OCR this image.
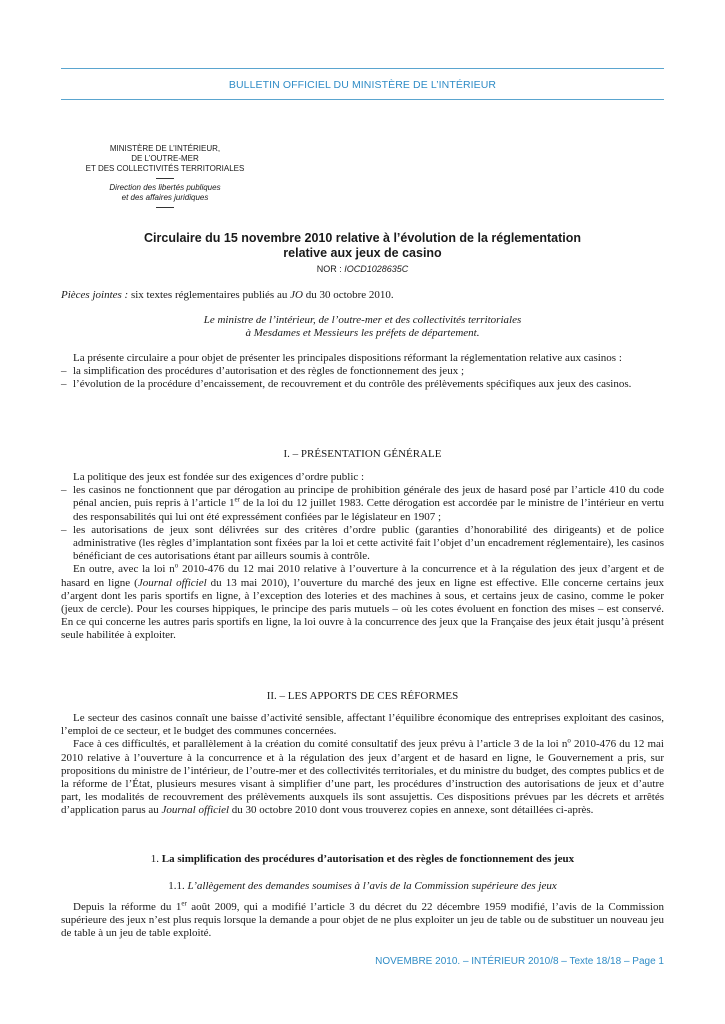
BULLETIN OFFICIEL DU MINISTÈRE DE L’INTÉRIEUR
MINISTÈRE DE L’INTÉRIEUR,
DE L’OUTRE-MER
ET DES COLLECTIVITÉS TERRITORIALES
Direction des libertés publiques
et des affaires juridiques
Circulaire du 15 novembre 2010 relative à l’évolution de la réglementation
relative aux jeux de casino
NOR : IOCD1028635C
Pièces jointes : six textes réglementaires publiés au JO du 30 octobre 2010.
Le ministre de l’intérieur, de l’outre-mer et des collectivités territoriales
à Mesdames et Messieurs les préfets de département.

La présente circulaire a pour objet de présenter les principales dispositions réformant la réglementation relative aux casinos :

– la simplification des procédures d’autorisation et des règles de fonctionnement des jeux ;

– l’évolution de la procédure d’encaissement, de recouvrement et du contrôle des prélèvements spécifiques aux jeux des casinos.

I. – PRÉSENTATION GÉNÉRALE

La politique des jeux est fondée sur des exigences d’ordre public :

– les casinos ne fonctionnent que par dérogation au principe de prohibition générale des jeux de hasard posé par l’article 410 du code pénal ancien, puis repris à l’article 1er de la loi du 12 juillet 1983. Cette dérogation est accordée par le ministre de l’intérieur en vertu des responsabilités qui lui ont été expressément confiées par le législateur en 1907 ;

– les autorisations de jeux sont délivrées sur des critères d’ordre public (garanties d’honorabilité des dirigeants) et de police administrative (les règles d’implantation sont fixées par la loi et cette activité fait l’objet d’un encadrement réglementaire), les casinos bénéficiant de ces autorisations étant par ailleurs soumis à contrôle.

En outre, avec la loi $n^o$ 2010-476 du 12 mai 2010 relative à l’ouverture à la concurrence et à la régulation des jeux d’argent et de hasard en ligne (Journal officiel du 13 mai 2010), l’ouverture du marché des jeux en ligne est effective. Elle concerne certains jeux d’argent dont les paris sportifs en ligne, à l’exception des loteries et des machines à sous, et certains jeux de casino, comme le poker (jeux de cercle). Pour les courses hippiques, le principe des paris mutuels – où les cotes évoluent en fonction des mises – est conservé. En ce qui concerne les autres paris sportifs en ligne, la loi ouvre à la concurrence des jeux que la Française des jeux était jusqu’à présent seule habilitée à exploiter.

II. – LES APPORTS DE CES RÉFORMES

Le secteur des casinos connaît une baisse d’activité sensible, affectant l’équilibre économique des entreprises exploitant des casinos, l’emploi de ce secteur, et le budget des communes concernées.

Face à ces difficultés, et parallèlement à la création du comité consultatif des jeux prévu à l’article 3 de la loi $n^o$ 2010-476 du 12 mai 2010 relative à l’ouverture à la concurrence et à la régulation des jeux d’argent et de hasard en ligne, le Gouvernement a pris, sur propositions du ministre de l’intérieur, de l’outre-mer et des collectivités territoriales, et du ministre du budget, des comptes publics et de la réforme de l’État, plusieurs mesures visant à simplifier d’une part, les procédures d’instruction des autorisations de jeux et d’autre part, les modalités de recouvrement des prélèvements auxquels ils sont assujettis. Ces dispositions prévues par les décrets et arrêtés d’application parus au Journal officiel du 30 octobre 2010 dont vous trouverez copies en annexe, sont détaillées ci-après.

1. La simplification des procédures d’autorisation et des règles de fonctionnement des jeux
1.1. L’allègement des demandes soumises à l’avis de la Commission supérieure des jeux

Depuis la réforme du 1er août 2009, qui a modifié l’article 3 du décret du 22 décembre 1959 modifié, l’avis de la Commission supérieure des jeux n’est plus requis lorsque la demande a pour objet de ne plus exploiter un jeu de table ou de substituer un nouveau jeu de table à un jeu de table exploité.

NOVEMBRE 2010. – INTÉRIEUR 2010/8 – Texte 18/18 – Page 1
